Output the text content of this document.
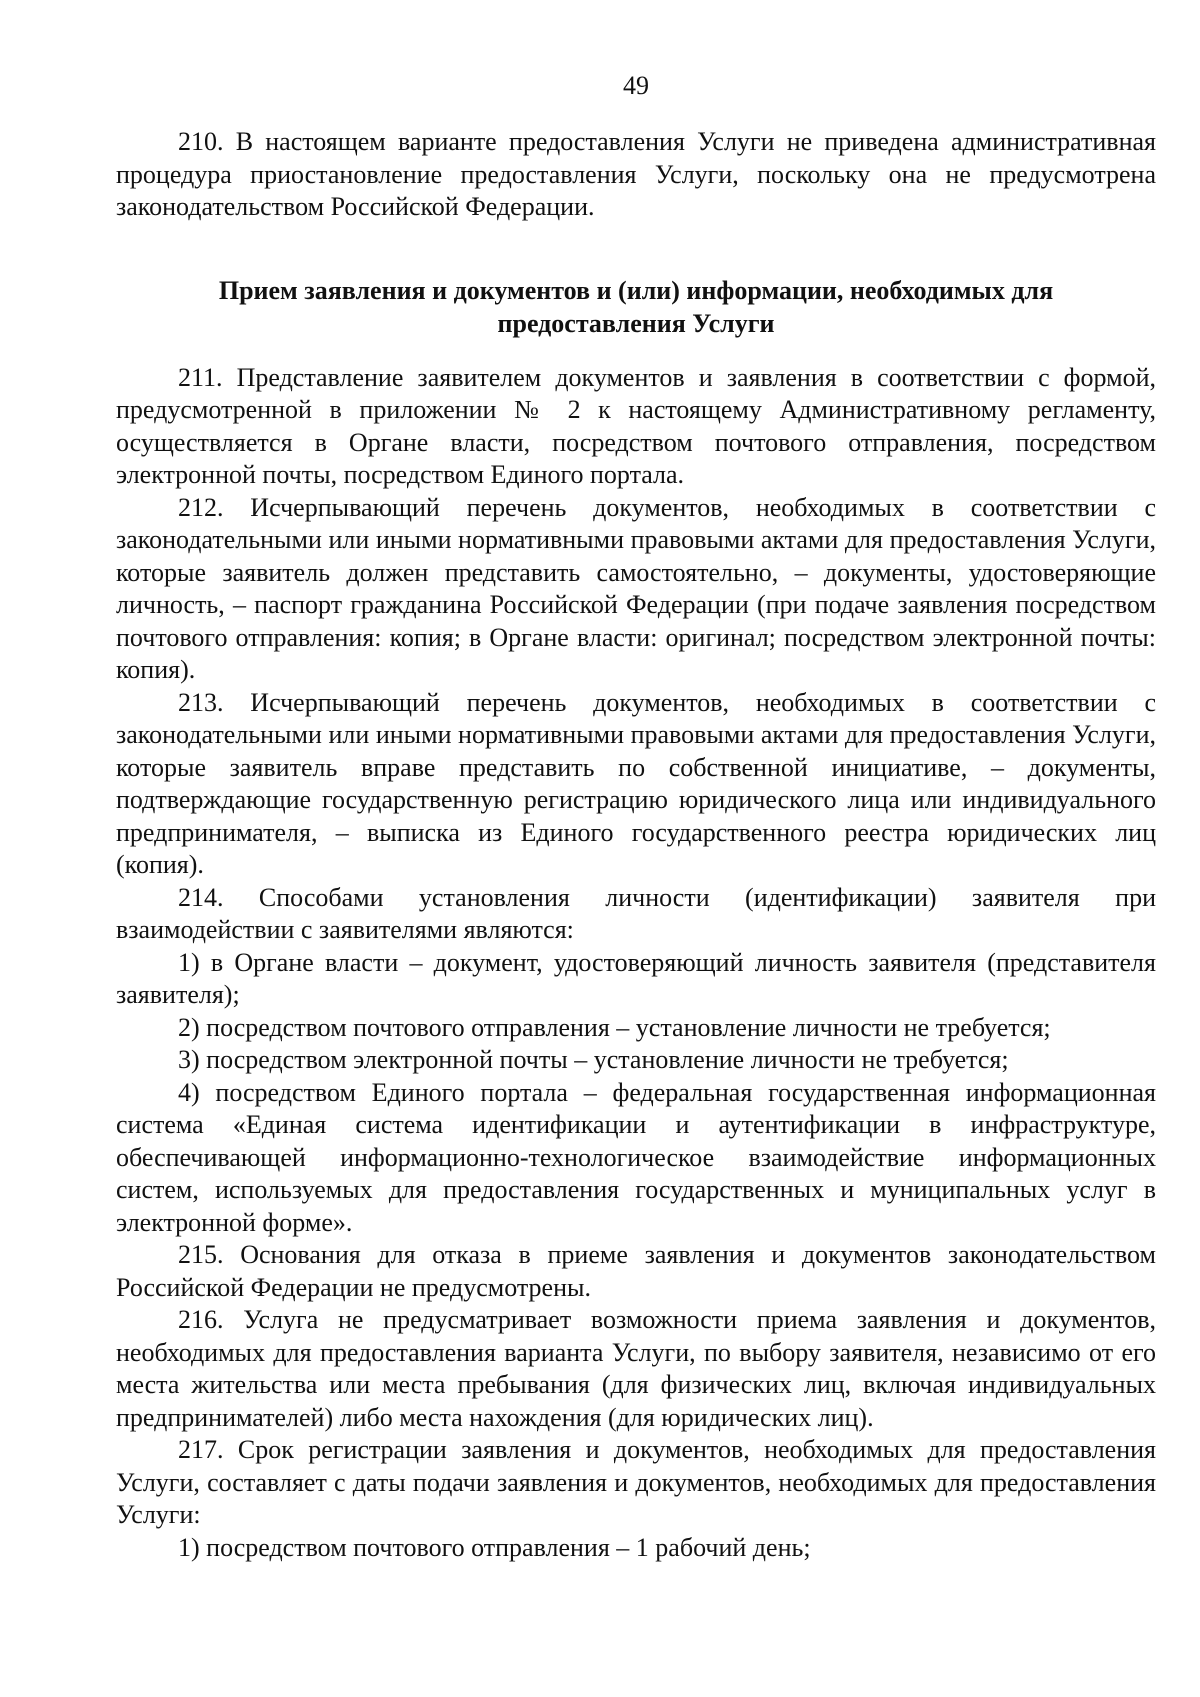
49

210. В настоящем варианте предоставления Услуги не приведена административная процедура приостановление предоставления Услуги, поскольку она не предусмотрена законодательством Российской Федерации.

Прием заявления и документов и (или) информации, необходимых для
предоставления Услуги

211. Представление заявителем документов и заявления в соответствии с формой, предусмотренной в приложении № 2 к настоящему Административному регламенту, осуществляется в Органе власти, посредством почтового отправления, посредством электронной почты, посредством Единого портала.

212. Исчерпывающий перечень документов, необходимых в соответствии с законодательными или иными нормативными правовыми актами для предоставления Услуги, которые заявитель должен представить самостоятельно, – документы, удостоверяющие личность, – паспорт гражданина Российской Федерации (при подаче заявления посредством почтового отправления: копия; в Органе власти: оригинал; посредством электронной почты: копия).

213. Исчерпывающий перечень документов, необходимых в соответствии с законодательными или иными нормативными правовыми актами для предоставления Услуги, которые заявитель вправе представить по собственной инициативе, – документы, подтверждающие государственную регистрацию юридического лица или индивидуального предпринимателя, – выписка из Единого государственного реестра юридических лиц (копия).

214. Способами установления личности (идентификации) заявителя при взаимодействии с заявителями являются:

1) в Органе власти – документ, удостоверяющий личность заявителя (представителя заявителя);

2) посредством почтового отправления – установление личности не требуется;

3) посредством электронной почты – установление личности не требуется;

4) посредством Единого портала – федеральная государственная информационная система «Единая система идентификации и аутентификации в инфраструктуре, обеспечивающей информационно-технологическое взаимодействие информационных систем, используемых для предоставления государственных и муниципальных услуг в электронной форме».

215. Основания для отказа в приеме заявления и документов законодательством Российской Федерации не предусмотрены.

216. Услуга не предусматривает возможности приема заявления и документов, необходимых для предоставления варианта Услуги, по выбору заявителя, независимо от его места жительства или места пребывания (для физических лиц, включая индивидуальных предпринимателей) либо места нахождения (для юридических лиц).

217. Срок регистрации заявления и документов, необходимых для предоставления Услуги, составляет с даты подачи заявления и документов, необходимых для предоставления Услуги:

1) посредством почтового отправления – 1 рабочий день;
